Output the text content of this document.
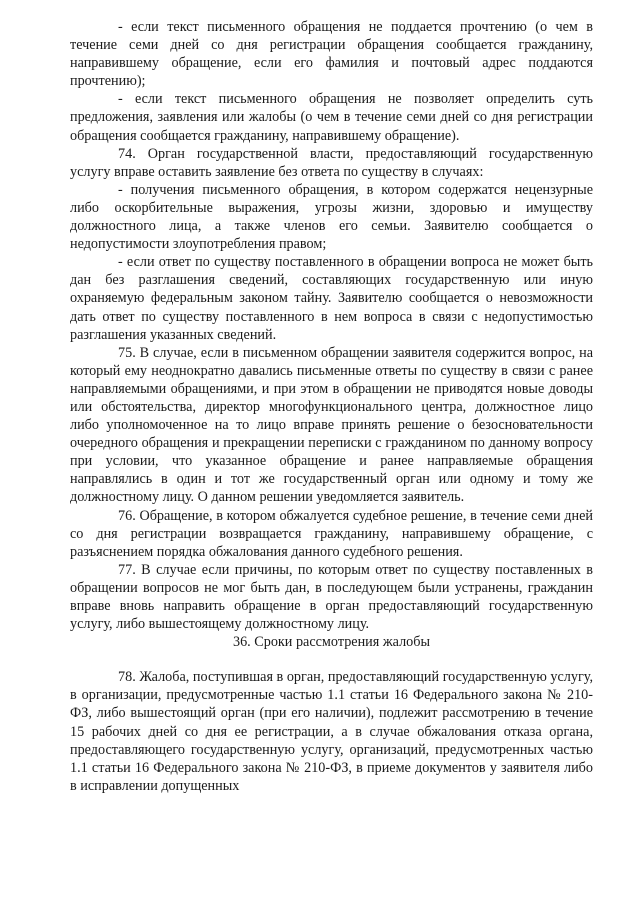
- если текст письменного обращения не поддается прочтению (о чем в течение семи дней со дня регистрации обращения сообщается гражданину, направившему обращение, если его фамилия и почтовый адрес поддаются прочтению);

- если текст письменного обращения не позволяет определить суть предложения, заявления или жалобы (о чем в течение семи дней со дня регистрации обращения сообщается гражданину, направившему обращение).

74. Орган государственной власти, предоставляющий государственную услугу вправе оставить заявление без ответа по существу в случаях:

- получения письменного обращения, в котором содержатся нецензурные либо оскорбительные выражения, угрозы жизни, здоровью и имуществу должностного лица, а также членов его семьи. Заявителю сообщается о недопустимости злоупотребления правом;

- если ответ по существу поставленного в обращении вопроса не может быть дан без разглашения сведений, составляющих государственную или иную охраняемую федеральным законом тайну. Заявителю сообщается о невозможности дать ответ по существу поставленного в нем вопроса в связи с недопустимостью разглашения указанных сведений.

75. В случае, если в письменном обращении заявителя содержится вопрос, на который ему неоднократно давались письменные ответы по существу в связи с ранее направляемыми обращениями, и при этом в обращении не приводятся новые доводы или обстоятельства, директор многофункционального центра, должностное лицо либо уполномоченное на то лицо вправе принять решение о безосновательности очередного обращения и прекращении переписки с гражданином по данному вопросу при условии, что указанное обращение и ранее направляемые обращения направлялись в один и тот же государственный орган или одному и тому же должностному лицу. О данном решении уведомляется заявитель.

76. Обращение, в котором обжалуется судебное решение, в течение семи дней со дня регистрации возвращается гражданину, направившему обращение, с разъяснением порядка обжалования данного судебного решения.

77. В случае если причины, по которым ответ по существу поставленных в обращении вопросов не мог быть дан, в последующем были устранены, гражданин вправе вновь направить обращение в орган предоставляющий государственную услугу, либо вышестоящему должностному лицу.

36. Сроки рассмотрения жалобы

78. Жалоба, поступившая в орган, предоставляющий государственную услугу, в организации, предусмотренные частью 1.1 статьи 16 Федерального закона № 210-ФЗ, либо вышестоящий орган (при его наличии), подлежит рассмотрению в течение 15 рабочих дней со дня ее регистрации, а в случае обжалования отказа органа, предоставляющего государственную услугу, организаций, предусмотренных частью 1.1 статьи 16 Федерального закона № 210-ФЗ, в приеме документов у заявителя либо в исправлении допущенных
